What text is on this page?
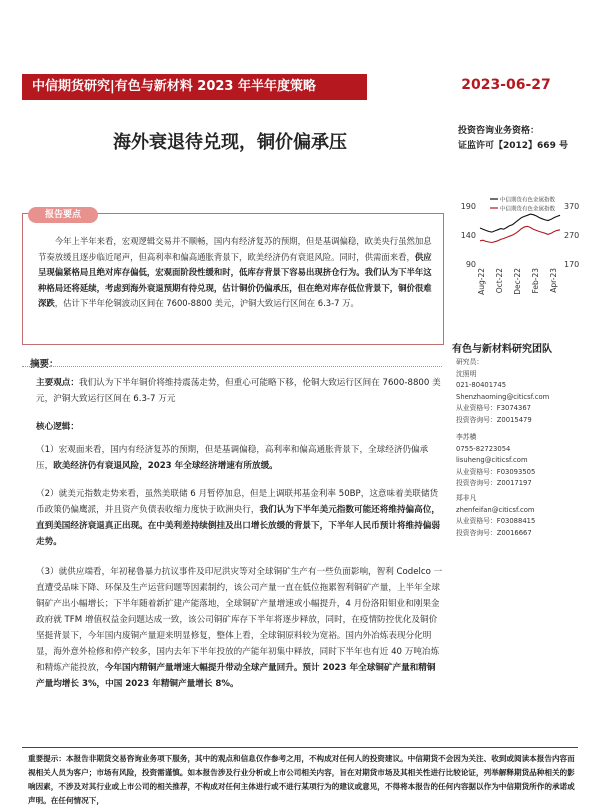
中信期货研究|有色与新材料 2023 年半年度策略	2023-06-27
海外衰退待兑现，铜价偏承压
投资咨询业务资格：
证监许可【2012】669 号
中信期货有色金属指数
中信期货有色金属指数
190
140
90
370
270
170
Aug-22 Oct-22 Dec-22 Feb-23 Apr-23
报告要点
今年上半年来看，宏观逻辑交易并不顺畅，国内有经济复苏的预期，但是基调偏稳，欧美央行虽然加息节奏放缓且逐步临近尾声，但高利率和偏高通胀背景下，欧美经济仍有衰退风险。同时，供需面来看，供应呈现偏紧格局且绝对库存偏低，宏观面阶段性缓和时，低库存背景下容易出现挤仓行为。我们认为下半年这种格局还将延续，考虑到海外衰退预期有待兑现，估计铜价仍偏承压，但在绝对库存低位背景下，铜价很难深跌，估计下半年伦铜波动区间在 7600-8800 美元，沪铜大致运行区间在 6.3-7 万。
摘要：
主要观点：我们认为下半年铜价将维持震荡走势，但重心可能略下移，伦铜大致运行区间在 7600-8800 美元，沪铜大致运行区间在 6.3-7 万元
核心逻辑：
（1）宏观面来看，国内有经济复苏的预期，但是基调偏稳，高利率和偏高通胀背景下，全球经济仍偏承压，欧美经济仍有衰退风险，2023 年全球经济增速有所放缓。
（2）就美元指数走势来看，虽然美联储 6 月暂停加息，但是上调联邦基金利率 50BP，这意味着美联储货币政策仍偏鹰派，并且资产负债表收缩力度快于欧洲央行，我们认为下半年美元指数可能还将维持偏高位，直到美国经济衰退真正出现。在中美利差持续倒挂及出口增长放缓的背景下，下半年人民币预计将维持偏弱走势。
（3）就供应端看，年初秘鲁暴力抗议事件及印尼洪灾等对全球铜矿生产有一些负面影响，智利 Codelco 一直遭受品味下降、环保及生产运营问题等因素制约，该公司产量一直在低位拖累智利铜矿产量，上半年全球铜矿产出小幅增长；下半年随着新扩建产能落地，全球铜矿产量增速或小幅提升，4 月份洛阳钼业和刚果金政府就 TFM 增值权益金问题达成一致，该公司铜矿库存下半年将逐步释放，同时，在疫情防控优化及铜价坚挺背景下，今年国内废铜产量迎来明显修复，整体上看，全球铜原料较为宽裕。国内外冶炼表现分化明显，海外意外检修和停产较多，国内去年下半年投放的产能年初集中释放，同时下半年也有近 40 万吨冶炼和精炼产能投放，今年国内精铜产量增速大幅提升带动全球产量回升。预计 2023 年全球铜矿产量和精铜产量均增长 3%，中国 2023 年精铜产量增长 8%。
有色与新材料研究团队
研究员：
沈照明
021-80401745
Shenzhaoming@citicsf.com
从业资格号：F3074367
投资咨询号：Z0015479
李苏横
0755-82723054
lisuheng@citicsf.com
从业资格号：F03093505
投资咨询号：Z0017197
郑非凡
zhenfeifan@citicsf.com
从业资格号：F03088415
投资咨询号：Z0016667
重要提示：本报告非期货交易咨询业务项下服务，其中的观点和信息仅作参考之用，不构成对任何人的投资建议。中信期货不会因为关注、收到或阅读本报告内容而视相关人员为客户；市场有风险，投资需谨慎。如本报告涉及行业分析或上市公司相关内容，旨在对期货市场及其相关性进行比较论证，列举解释期货品种相关的影响因素，不涉及对其行业或上市公司的相关推荐，不构成对任何主体进行或不进行某项行为的建议或意见，不得将本报告的任何内容据以作为中信期货所作的承诺或声明。在任何情况下，
